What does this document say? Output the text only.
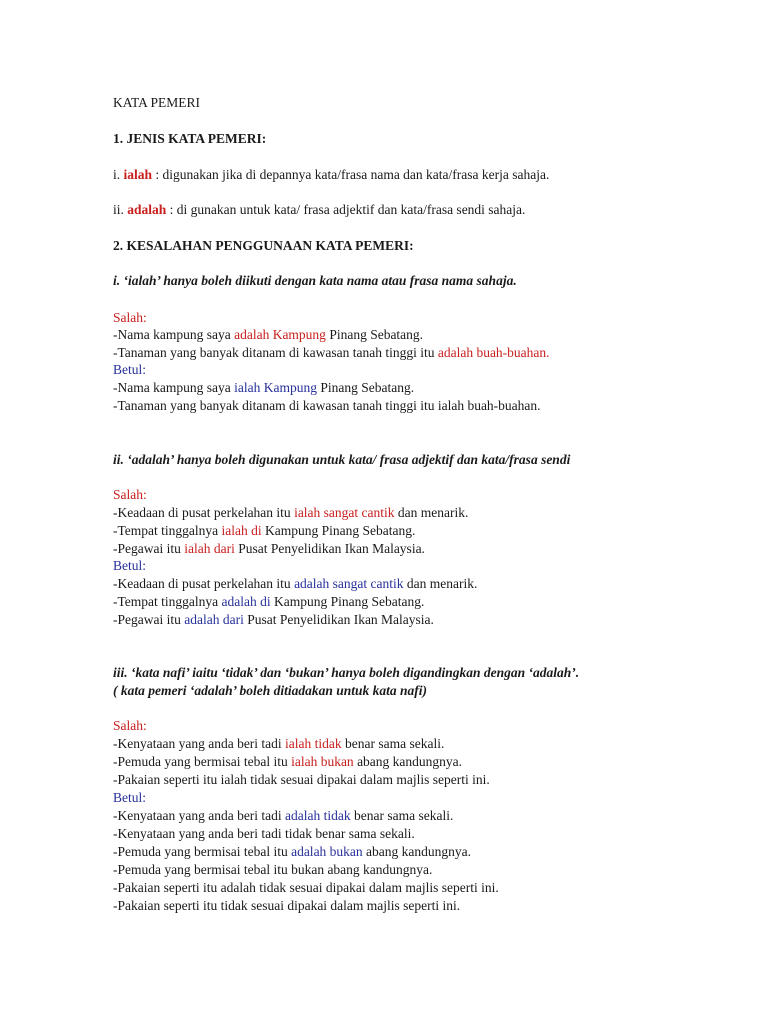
KATA PEMERI
1. JENIS KATA PEMERI:
i. ialah : digunakan jika di depannya kata/frasa nama dan kata/frasa kerja sahaja.
ii. adalah : di gunakan untuk kata/ frasa adjektif dan kata/frasa sendi sahaja.
2. KESALAHAN PENGGUNAAN KATA PEMERI:
i. ‘ialah’ hanya boleh diikuti dengan kata nama atau frasa nama sahaja.
Salah:
-Nama kampung saya adalah Kampung Pinang Sebatang.
-Tanaman yang banyak ditanam di kawasan tanah tinggi itu adalah buah-buahan.
Betul:
-Nama kampung saya ialah Kampung Pinang Sebatang.
-Tanaman yang banyak ditanam di kawasan tanah tinggi itu ialah buah-buahan.
ii. ‘adalah’ hanya boleh digunakan untuk kata/ frasa adjektif dan kata/frasa sendi
Salah:
-Keadaan di pusat perkelahan itu ialah sangat cantik dan menarik.
-Tempat tinggalnya ialah di Kampung Pinang Sebatang.
-Pegawai itu ialah dari Pusat Penyelidikan Ikan Malaysia.
Betul:
-Keadaan di pusat perkelahan itu adalah sangat cantik dan menarik.
-Tempat tinggalnya adalah di Kampung Pinang Sebatang.
-Pegawai itu adalah dari Pusat Penyelidikan Ikan Malaysia.
iii. ‘kata nafi’ iaitu ‘tidak’ dan ‘bukan’ hanya boleh digandingkan dengan ‘adalah’.
( kata pemeri ‘adalah’ boleh ditiadakan untuk kata nafi)
Salah:
-Kenyataan yang anda beri tadi ialah tidak benar sama sekali.
-Pemuda yang bermisai tebal itu ialah bukan abang kandungnya.
-Pakaian seperti itu ialah tidak sesuai dipakai dalam majlis seperti ini.
Betul:
-Kenyataan yang anda beri tadi adalah tidak benar sama sekali.
-Kenyataan yang anda beri tadi tidak benar sama sekali.
-Pemuda yang bermisai tebal itu adalah bukan abang kandungnya.
-Pemuda yang bermisai tebal itu bukan abang kandungnya.
-Pakaian seperti itu adalah tidak sesuai dipakai dalam majlis seperti ini.
-Pakaian seperti itu tidak sesuai dipakai dalam majlis seperti ini.
